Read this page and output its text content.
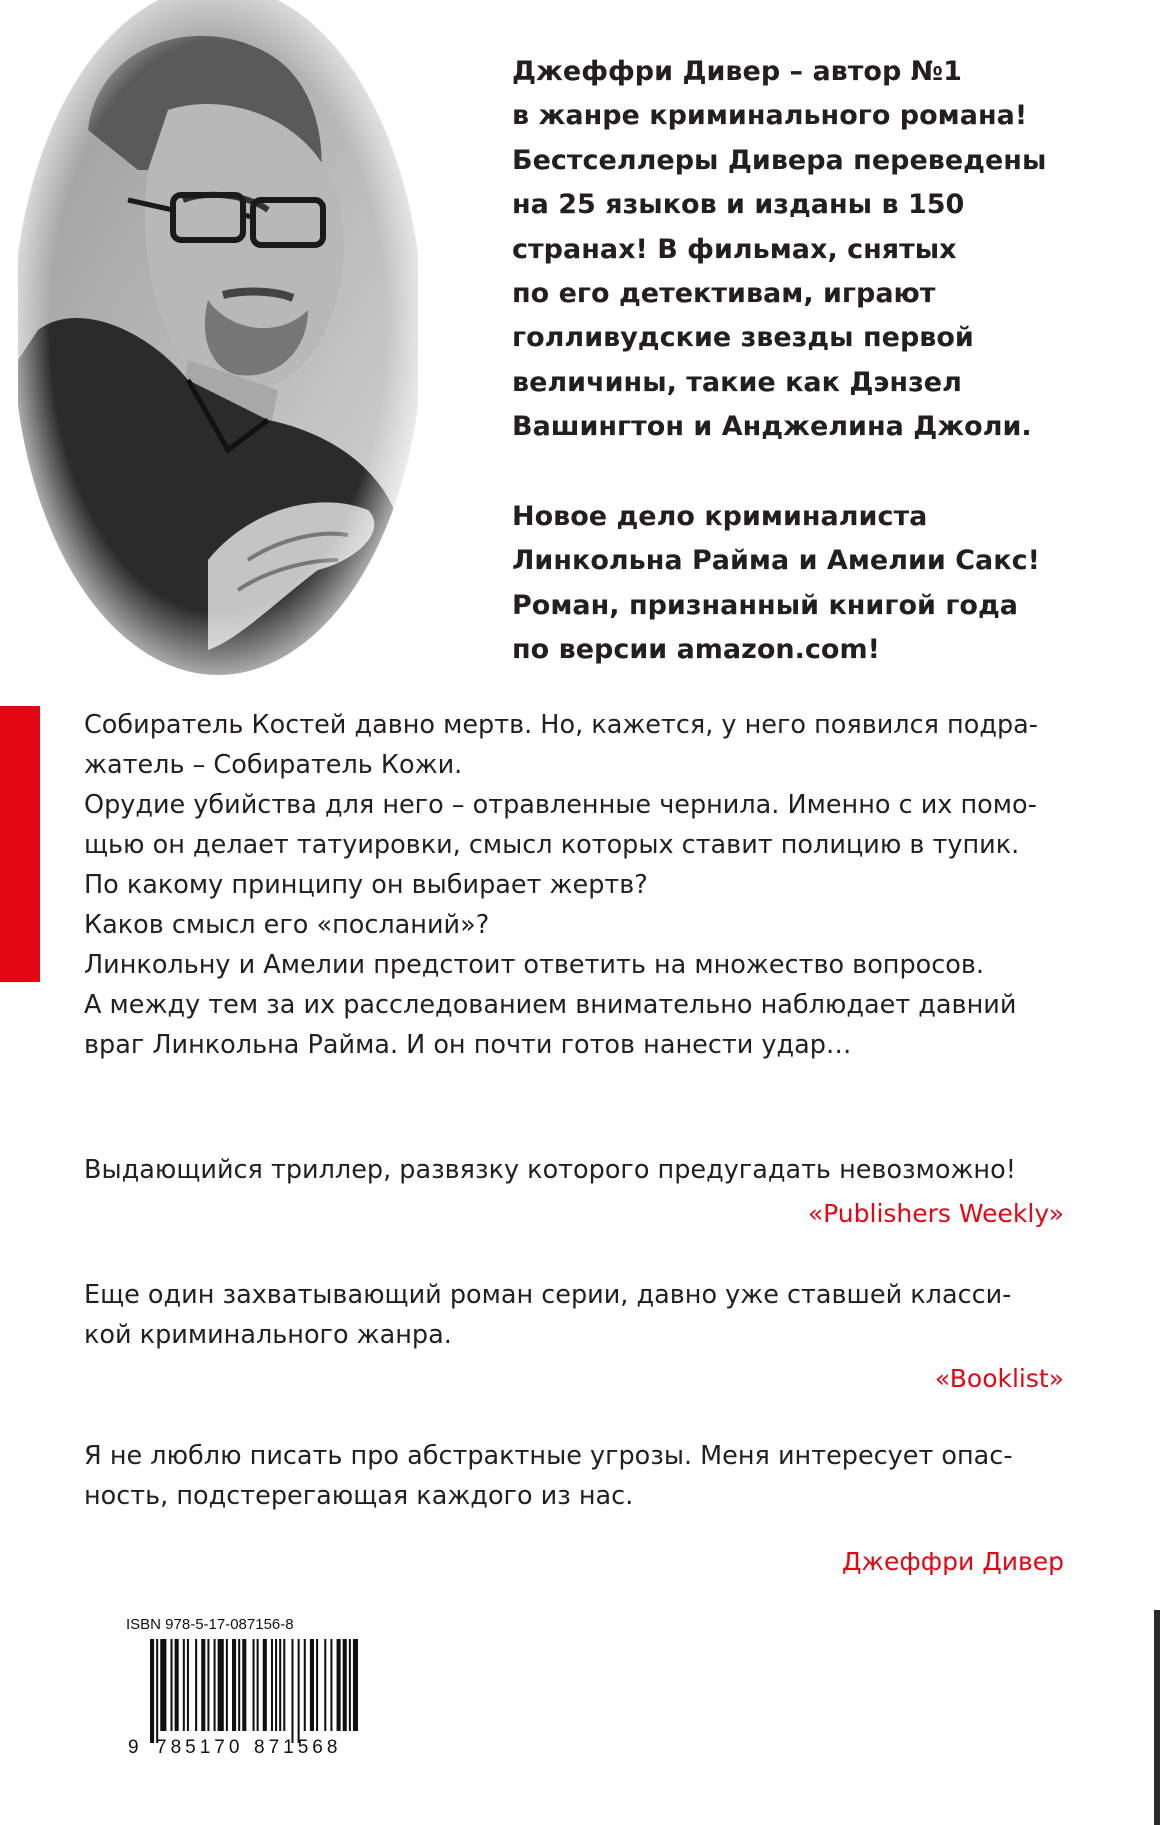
Джеффри Дивер – автор №1
в жанре криминального романа!
Бестселлеры Дивера переведены
на 25 языков и изданы в 150
странах! В фильмах, снятых
по его детективам, играют
голливудские звезды первой
величины, такие как Дэнзел
Вашингтон и Анджелина Джоли.
Новое дело криминалиста
Линкольна Райма и Амелии Сакс!
Роман, признанный книгой года
по версии amazon.com!
Собиратель Костей давно мертв. Но, кажется, у него появился подра-
жатель – Собиратель Кожи.
Орудие убийства для него – отравленные чернила. Именно с их помо-
щью он делает татуировки, смысл которых ставит полицию в тупик.
По какому принципу он выбирает жертв?
Каков смысл его «посланий»?
Линкольну и Амелии предстоит ответить на множество вопросов.
А между тем за их расследованием внимательно наблюдает давний
враг Линкольна Райма. И он почти готов нанести удар…
Выдающийся триллер, развязку которого предугадать невозможно!
«Publishers Weekly»
Еще один захватывающий роман серии, давно уже ставшей класси-
кой криминального жанра.
«Booklist»
Я не люблю писать про абстрактные угрозы. Меня интересует опас-
ность, подстерегающая каждого из нас.
Джеффри Дивер
ISBN 978-5-17-087156-8
9 785170 871568
